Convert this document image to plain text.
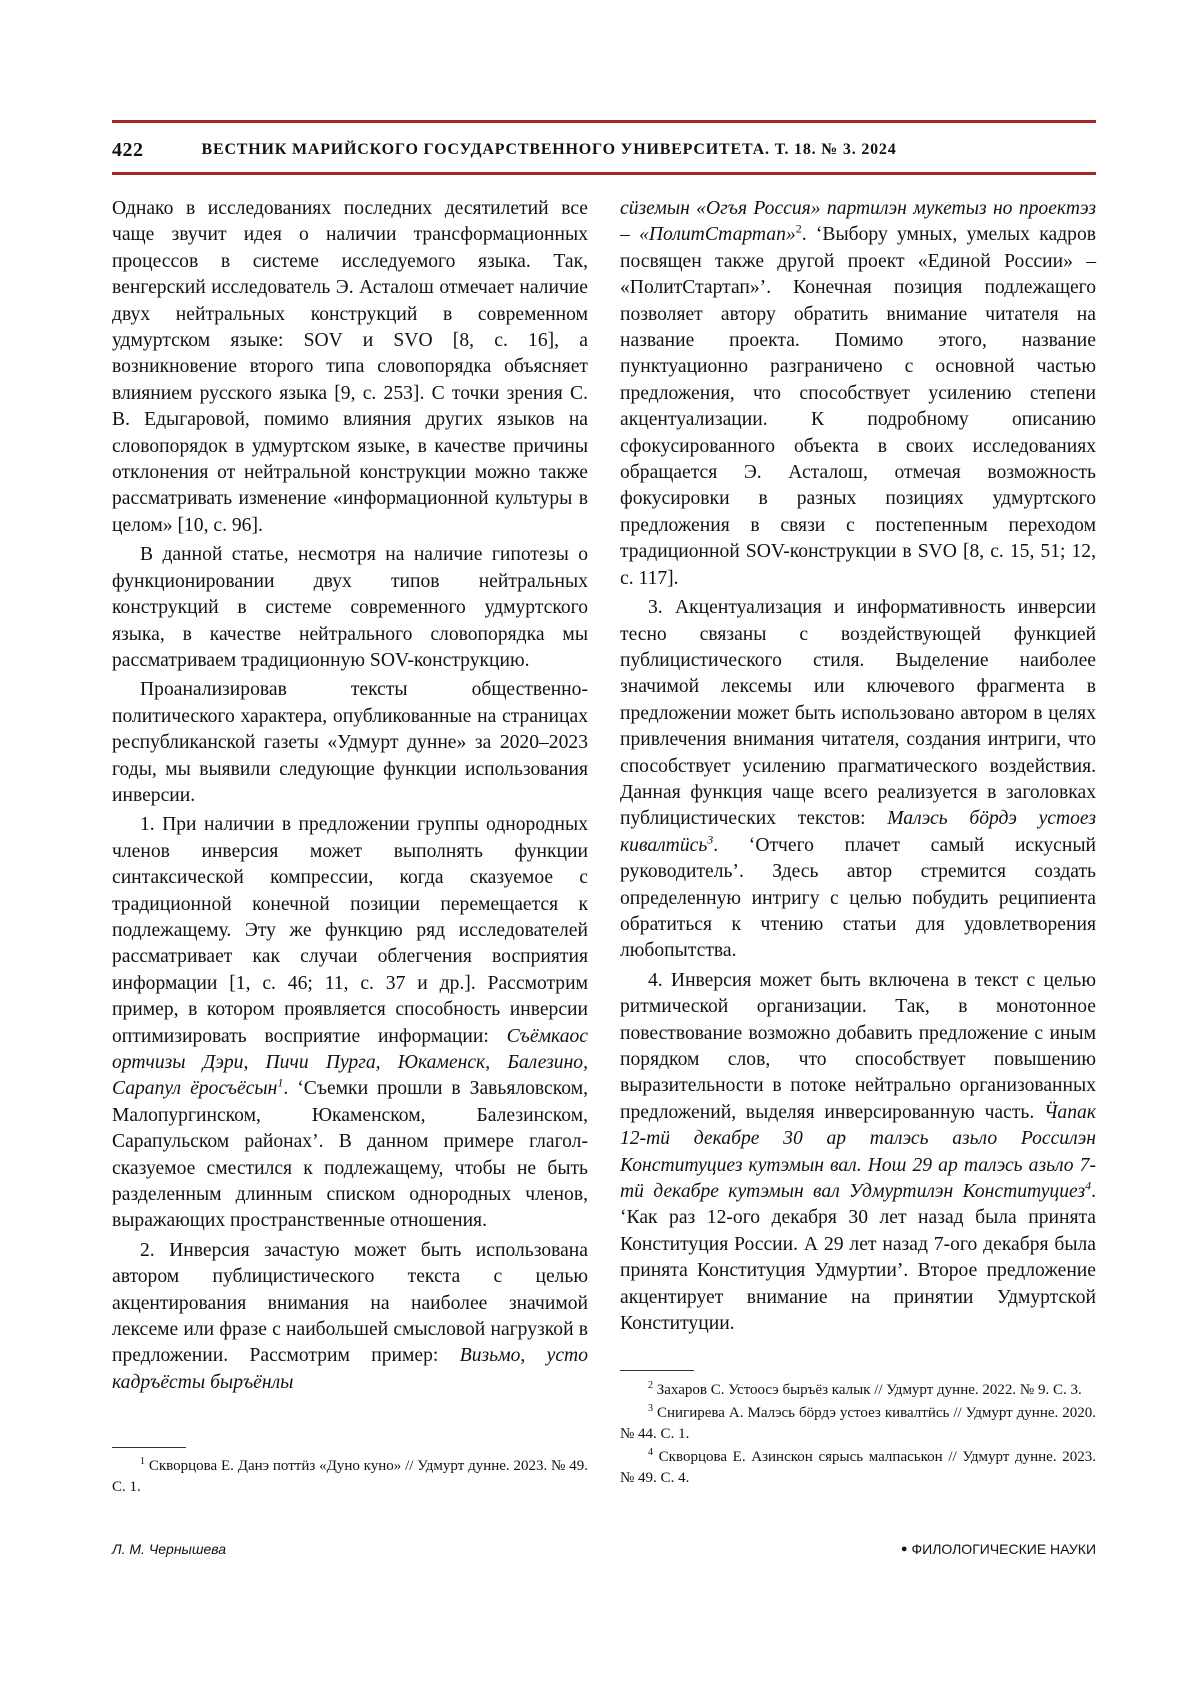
422	ВЕСТНИК МАРИЙСКОГО ГОСУДАРСТВЕННОГО УНИВЕРСИТЕТА. Т. 18. № 3. 2024

Однако в исследованиях последних десятилетий все чаще звучит идея о наличии трансформационных процессов в системе исследуемого языка. Так, венгерский исследователь Э. Асталош отмечает наличие двух нейтральных конструкций в современном удмуртском языке: SOV и SVO [8, с. 16], а возникновение второго типа словопорядка объясняет влиянием русского языка [9, с. 253]. С точки зрения С. В. Едыгаровой, помимо влияния других языков на словопорядок в удмуртском языке, в качестве причины отклонения от нейтральной конструкции можно также рассматривать изменение «информационной культуры в целом» [10, с. 96].

В данной статье, несмотря на наличие гипотезы о функционировании двух типов нейтральных конструкций в системе современного удмуртского языка, в качестве нейтрального словопорядка мы рассматриваем традиционную SOV-конструкцию.

Проанализировав тексты общественно-политического характера, опубликованные на страницах республиканской газеты «Удмурт дунне» за 2020–2023 годы, мы выявили следующие функции использования инверсии.

1. При наличии в предложении группы однородных членов инверсия может выполнять функции синтаксической компрессии, когда сказуемое с традиционной конечной позиции перемещается к подлежащему. Эту же функцию ряд исследователей рассматривает как случаи облегчения восприятия информации [1, с. 46; 11, с. 37 и др.]. Рассмотрим пример, в котором проявляется способность инверсии оптимизировать восприятие информации: Съёмкаос ортчизы Дэри, Пичи Пурга, Юкаменск, Балезино, Сарапул ёросъёсын$^1$. ‘Съемки прошли в Завьяловском, Малопургинском, Юкаменском, Балезинском, Сарапульском районах’. В данном примере глагол-сказуемое сместился к подлежащему, чтобы не быть разделенным длинным списком однородных членов, выражающих пространственные отношения.

2. Инверсия зачастую может быть использована автором публицистического текста с целью акцентирования внимания на наиболее значимой лексеме или фразе с наибольшей смысловой нагрузкой в предложении. Рассмотрим пример: Визьмо, усто кадръёсты быръёнлы

сӥземын «Огъя Россия» партилэн мукетыз но проектэз – «ПолитСтартап»$^2$. ‘Выбору умных, умелых кадров посвящен также другой проект «Единой России» – «ПолитСтартап»’. Конечная позиция подлежащего позволяет автору обратить внимание читателя на название проекта. Помимо этого, название пунктуационно разграничено с основной частью предложения, что способствует усилению степени акцентуализации. К подробному описанию сфокусированного объекта в своих исследованиях обращается Э. Асталош, отмечая возможность фокусировки в разных позициях удмуртского предложения в связи с постепенным переходом традиционной SOV-конструкции в SVO [8, с. 15, 51; 12, с. 117].

3. Акцентуализация и информативность инверсии тесно связаны с воздействующей функцией публицистического стиля. Выделение наиболее значимой лексемы или ключевого фрагмента в предложении может быть использовано автором в целях привлечения внимания читателя, создания интриги, что способствует усилению прагматического воздействия. Данная функция чаще всего реализуется в заголовках публицистических текстов: Малэсь бöрдэ устоез кивалтӥсь$^3$. ‘Отчего плачет самый искусный руководитель’. Здесь автор стремится создать определенную интригу с целью побудить реципиента обратиться к чтению статьи для удовлетворения любопытства.

4. Инверсия может быть включена в текст с целью ритмической организации. Так, в монотонное повествование возможно добавить предложение с иным порядком слов, что способствует повышению выразительности в потоке нейтрально организованных предложений, выделяя инверсированную часть. Ӵапак 12-тӥ декабре 30 ар талэсь азьло Россилэн Конституциез кутэмын вал. Нош 29 ар талэсь азьло 7-тӥ декабре кутэмын вал Удмуртилэн Конституциез$^4$. ‘Как раз 12-ого декабря 30 лет назад была принята Конституция России. А 29 лет назад 7-ого декабря была принята Конституция Удмуртии’. Второе предложение акцентирует внимание на принятии Удмуртской Конституции.

$^1$ Скворцова Е. Данэ поттӥз «Дуно куно» // Удмурт дунне. 2023. № 49. С. 1.

$^2$ Захаров С. Устоосэ быръёз калык // Удмурт дунне. 2022. № 9. С. 3.

$^3$ Снигирева А. Малэсь бöрдэ устоез кивалтӥсь // Удмурт дунне. 2020. № 44. С. 1.

$^4$ Скворцова Е. Азинскон сярысь малпаськон // Удмурт дунне. 2023. № 49. С. 4.

Л. М. Чернышева	● ФИЛОЛОГИЧЕСКИЕ НАУКИ
